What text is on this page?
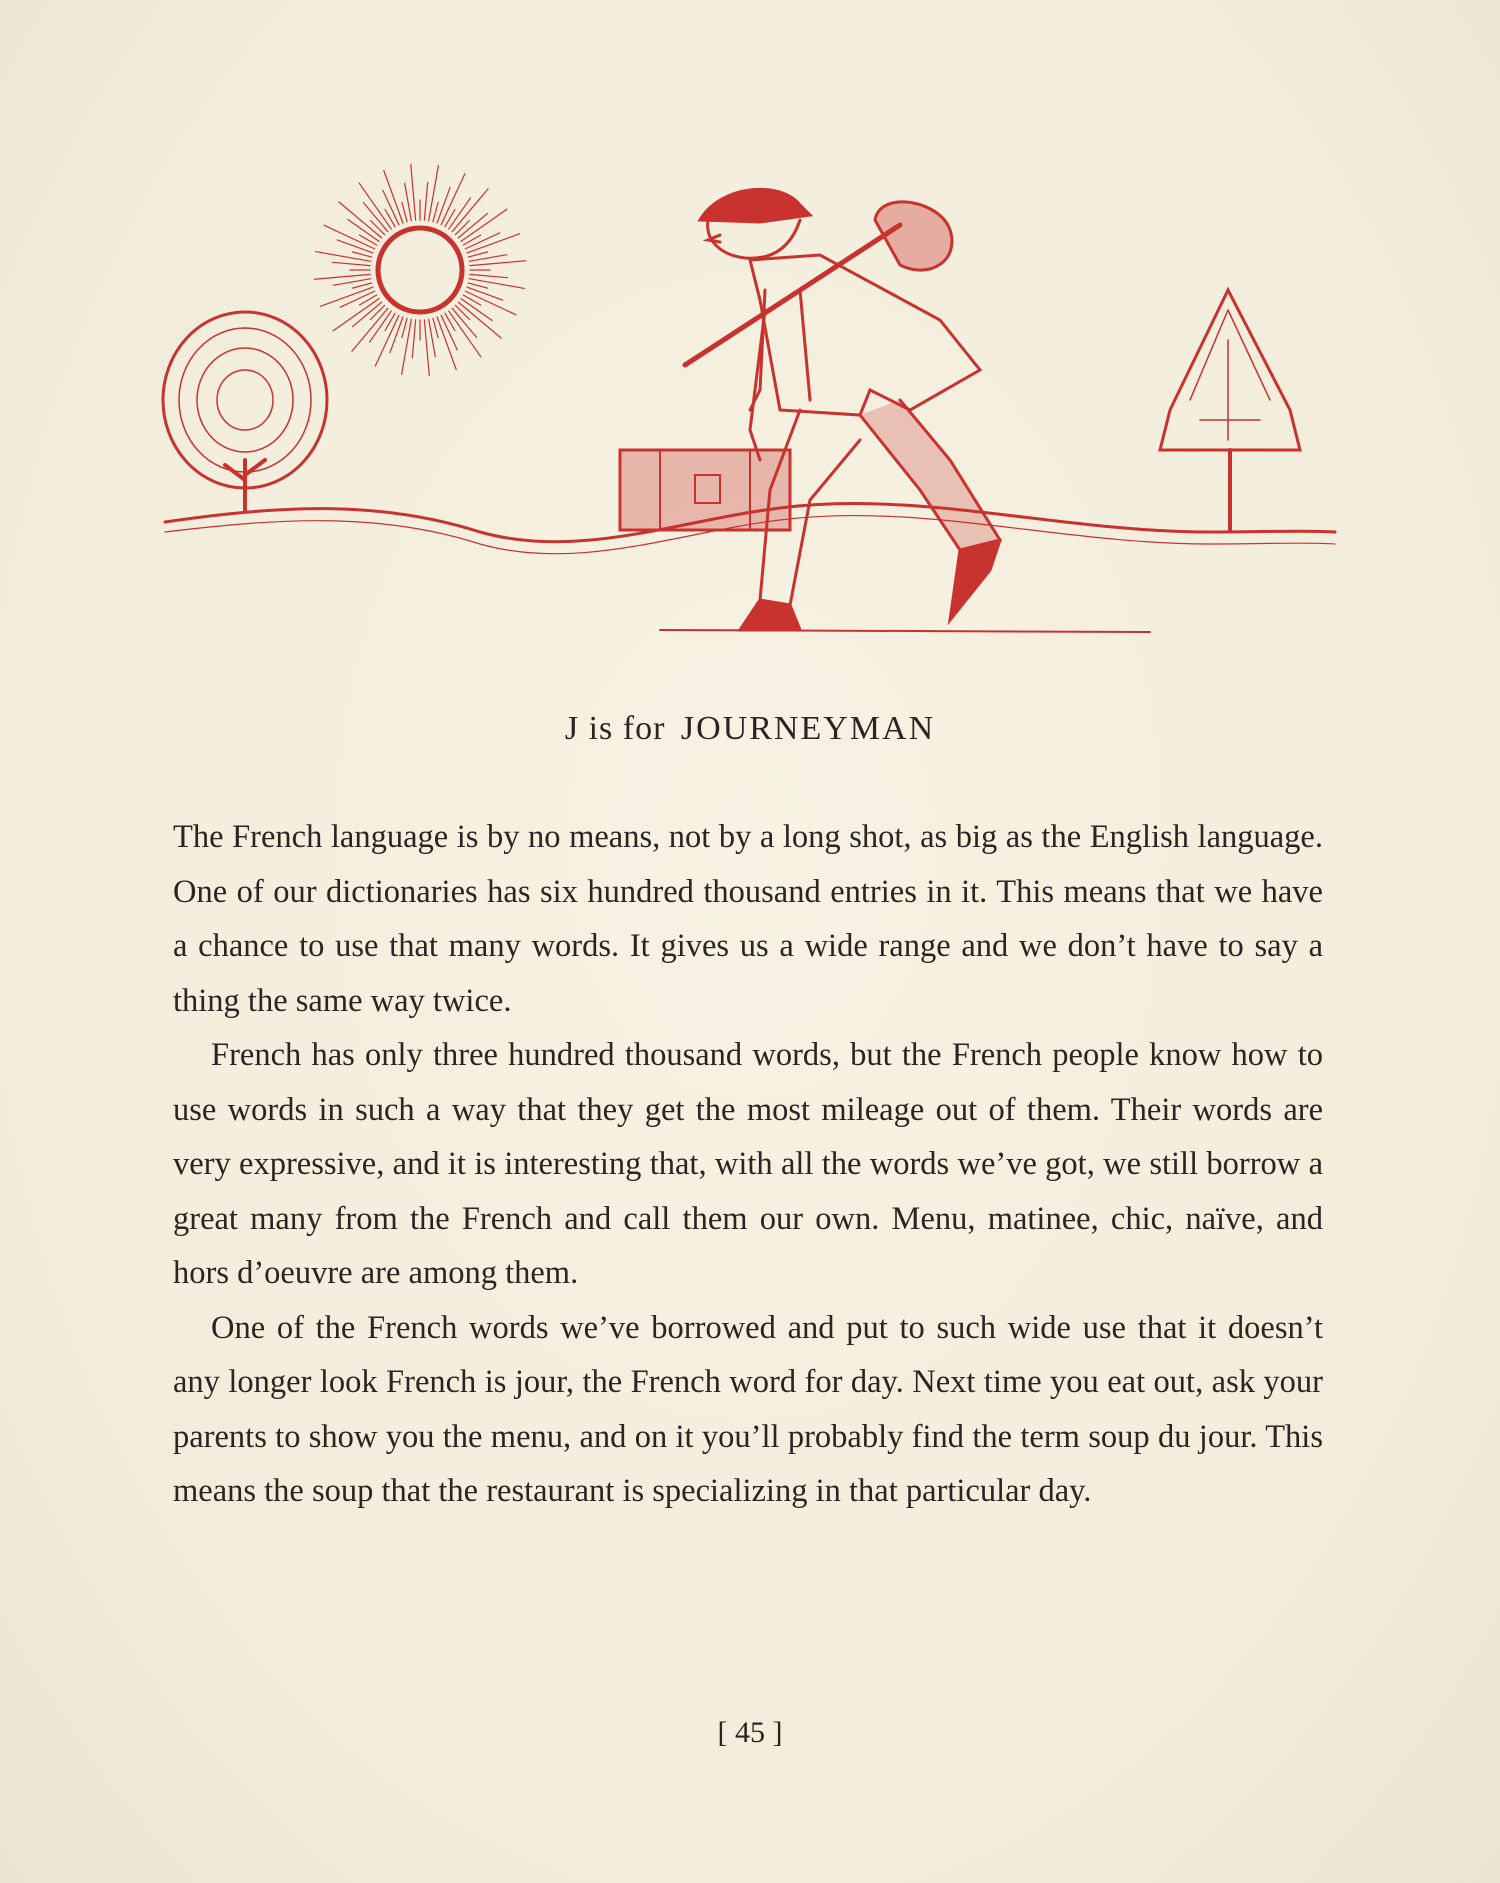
J is for JOURNEYMAN

The French language is by no means, not by a long shot, as big as the English language. One of our dictionaries has six hundred thousand entries in it. This means that we have a chance to use that many words. It gives us a wide range and we don’t have to say a thing the same way twice.

French has only three hundred thousand words, but the French people know how to use words in such a way that they get the most mileage out of them. Their words are very expressive, and it is interesting that, with all the words we’ve got, we still borrow a great many from the French and call them our own. Menu, matinee, chic, naïve, and hors d’oeuvre are among them.

One of the French words we’ve borrowed and put to such wide use that it doesn’t any longer look French is jour, the French word for day. Next time you eat out, ask your parents to show you the menu, and on it you’ll probably find the term soup du jour. This means the soup that the restaurant is specializing in that particular day.

[ 45 ]
